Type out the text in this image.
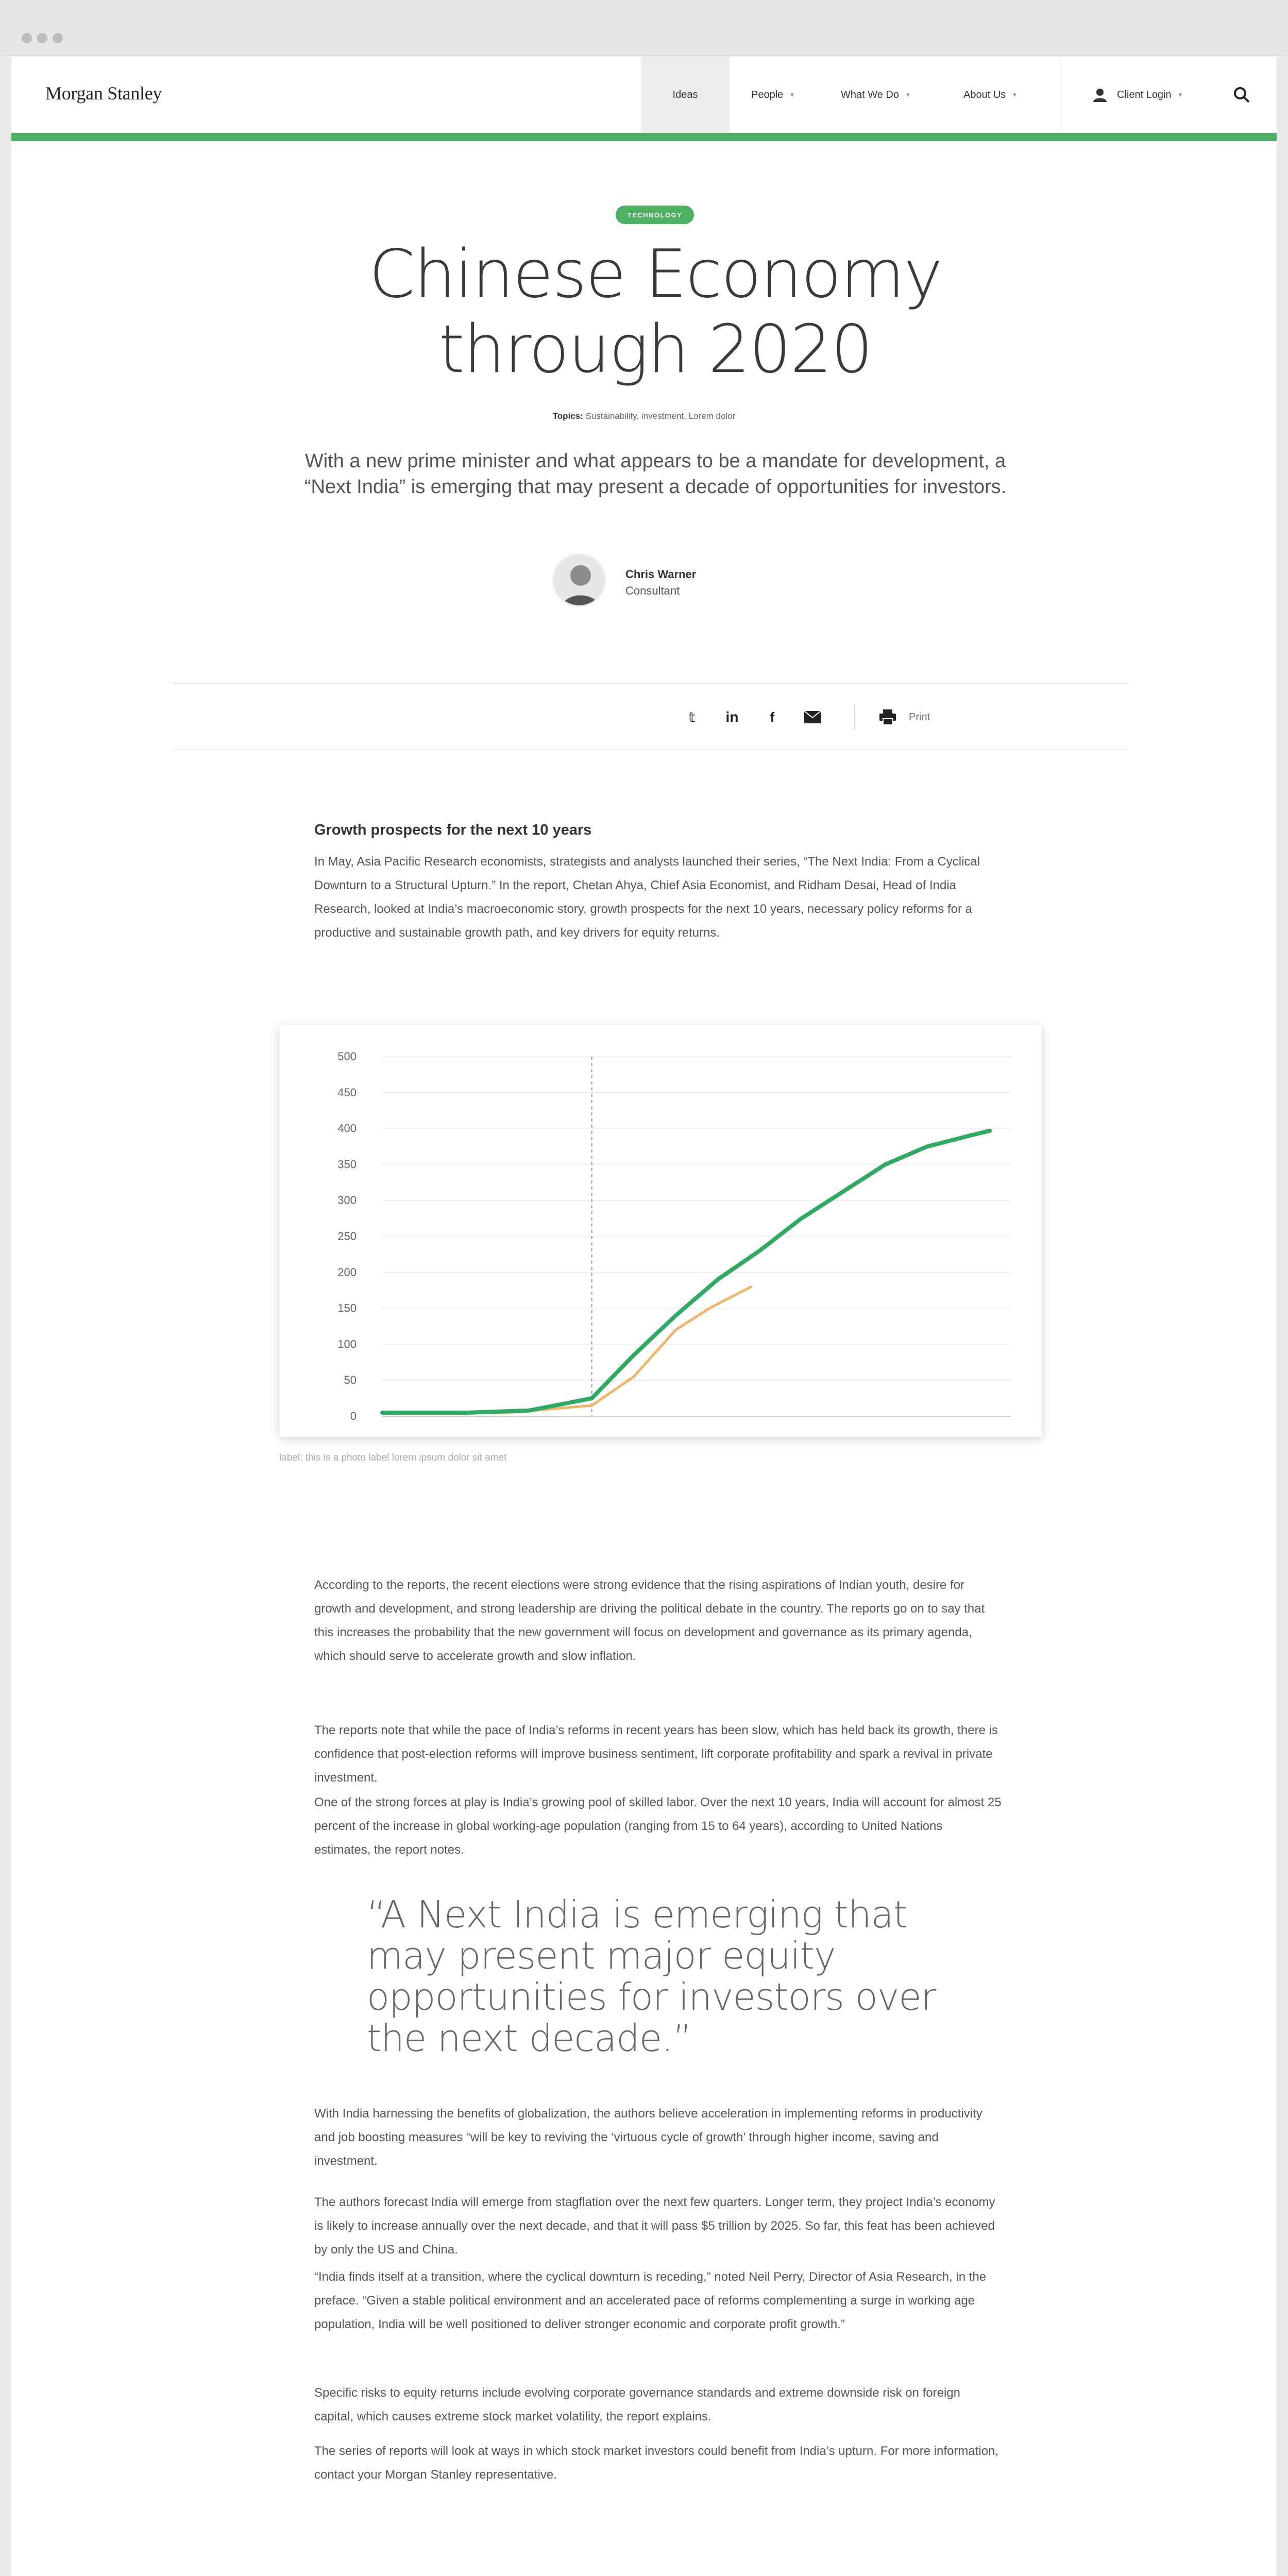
Morgan Stanley	Ideas	People ▾	What We Do ▾	About Us ▾	Client Login ▾
TECHNOLOGY
Chinese Economy
through 2020
Topics: Sustainability, investment, Lorem dolor
With a new prime minister and what appears to be a mandate for development, a “Next India” is emerging that may present a decade of opportunities for investors.
Chris Warner
Consultant
𝕥	in	f	Print
Growth prospects for the next 10 years
In May, Asia Pacific Research economists, strategists and analysts launched their series, “The Next India: From a Cyclical Downturn to a Structural Upturn.” In the report, Chetan Ahya, Chief Asia Economist, and Ridham Desai, Head of India Research, looked at India’s macroeconomic story, growth prospects for the next 10 years, necessary policy reforms for a productive and sustainable growth path, and key drivers for equity returns.
0
50
100
150
200
250
300
350
400
450
500
label: this is a photo label lorem ipsum dolor sit amet
According to the reports, the recent elections were strong evidence that the rising aspirations of Indian youth, desire for growth and development, and strong leadership are driving the political debate in the country. The reports go on to say that this increases the probability that the new government will focus on development and governance as its primary agenda, which should serve to accelerate growth and slow inflation.
The reports note that while the pace of India’s reforms in recent years has been slow, which has held back its growth, there is confidence that post-election reforms will improve business sentiment, lift corporate profitability and spark a revival in private investment.
One of the strong forces at play is India’s growing pool of skilled labor. Over the next 10 years, India will account for almost 25 percent of the increase in global working-age population (ranging from 15 to 64 years), according to United Nations estimates, the report notes.
“A Next India is emerging that may present major equity opportunities for investors over the next decade.”
With India harnessing the benefits of globalization, the authors believe acceleration in implementing reforms in productivity and job boosting measures “will be key to reviving the ‘virtuous cycle of growth’ through higher income, saving and investment.
The authors forecast India will emerge from stagflation over the next few quarters. Longer term, they project India’s economy is likely to increase annually over the next decade, and that it will pass $5 trillion by 2025. So far, this feat has been achieved by only the US and China.
“India finds itself at a transition, where the cyclical downturn is receding,” noted Neil Perry, Director of Asia Research, in the preface. “Given a stable political environment and an accelerated pace of reforms complementing a surge in working age population, India will be well positioned to deliver stronger economic and corporate profit growth.”
Specific risks to equity returns include evolving corporate governance standards and extreme downside risk on foreign capital, which causes extreme stock market volatility, the report explains.
The series of reports will look at ways in which stock market investors could benefit from India’s upturn. For more information, contact your Morgan Stanley representative.
